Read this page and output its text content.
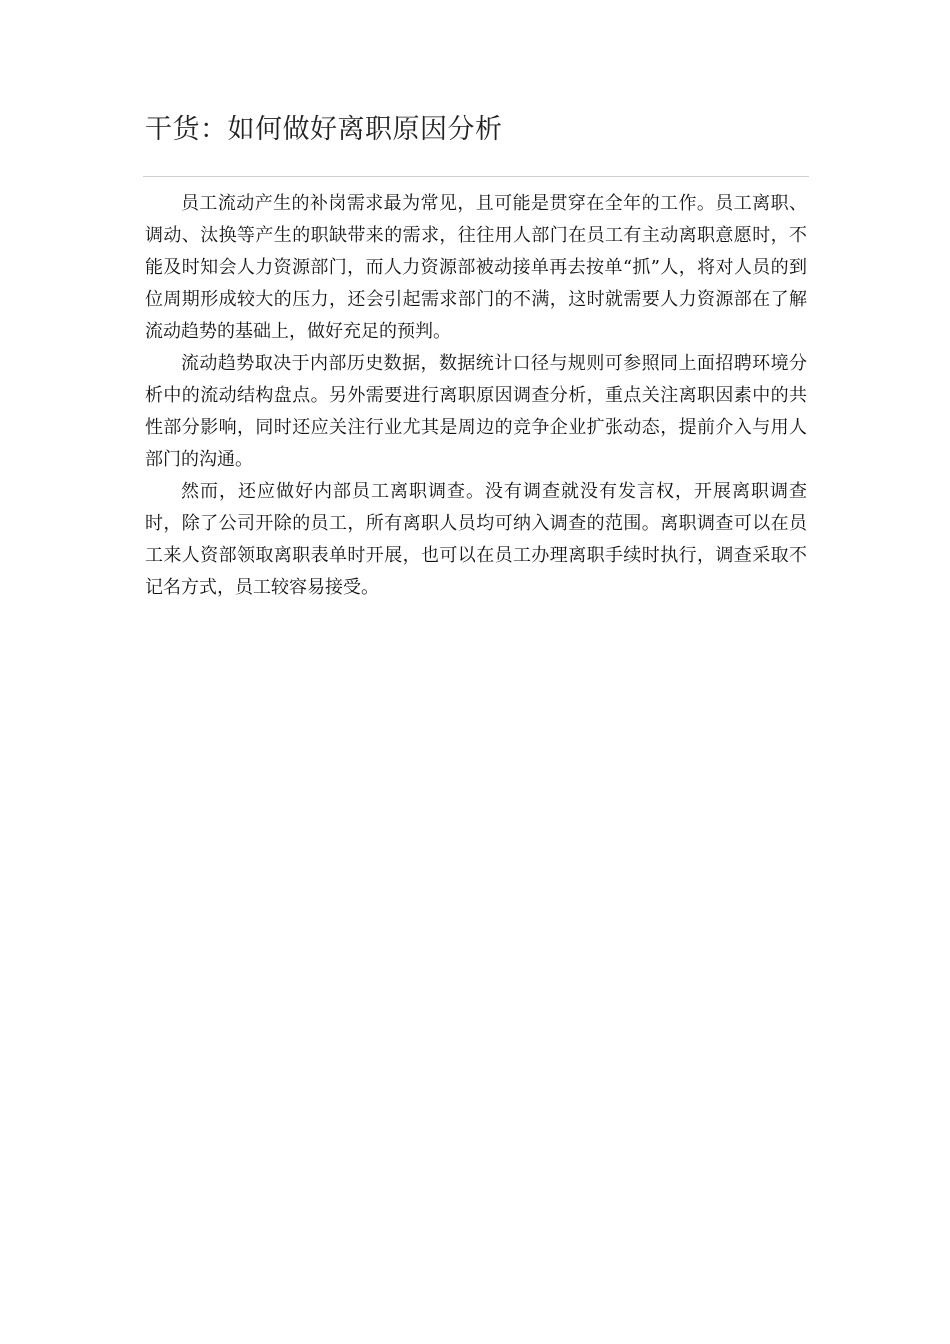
干货：如何做好离职原因分析

员工流动产生的补岗需求最为常见，且可能是贯穿在全年的工作。员工离职、调动、汰换等产生的职缺带来的需求，往往用人部门在员工有主动离职意愿时，不能及时知会人力资源部门，而人力资源部被动接单再去按单“抓”人，将对人员的到位周期形成较大的压力，还会引起需求部门的不满，这时就需要人力资源部在了解流动趋势的基础上，做好充足的预判。

流动趋势取决于内部历史数据，数据统计口径与规则可参照同上面招聘环境分析中的流动结构盘点。另外需要进行离职原因调查分析，重点关注离职因素中的共性部分影响，同时还应关注行业尤其是周边的竞争企业扩张动态，提前介入与用人部门的沟通。

然而，还应做好内部员工离职调查。没有调查就没有发言权，开展离职调查时，除了公司开除的员工，所有离职人员均可纳入调查的范围。离职调查可以在员工来人资部领取离职表单时开展，也可以在员工办理离职手续时执行，调查采取不记名方式，员工较容易接受。
